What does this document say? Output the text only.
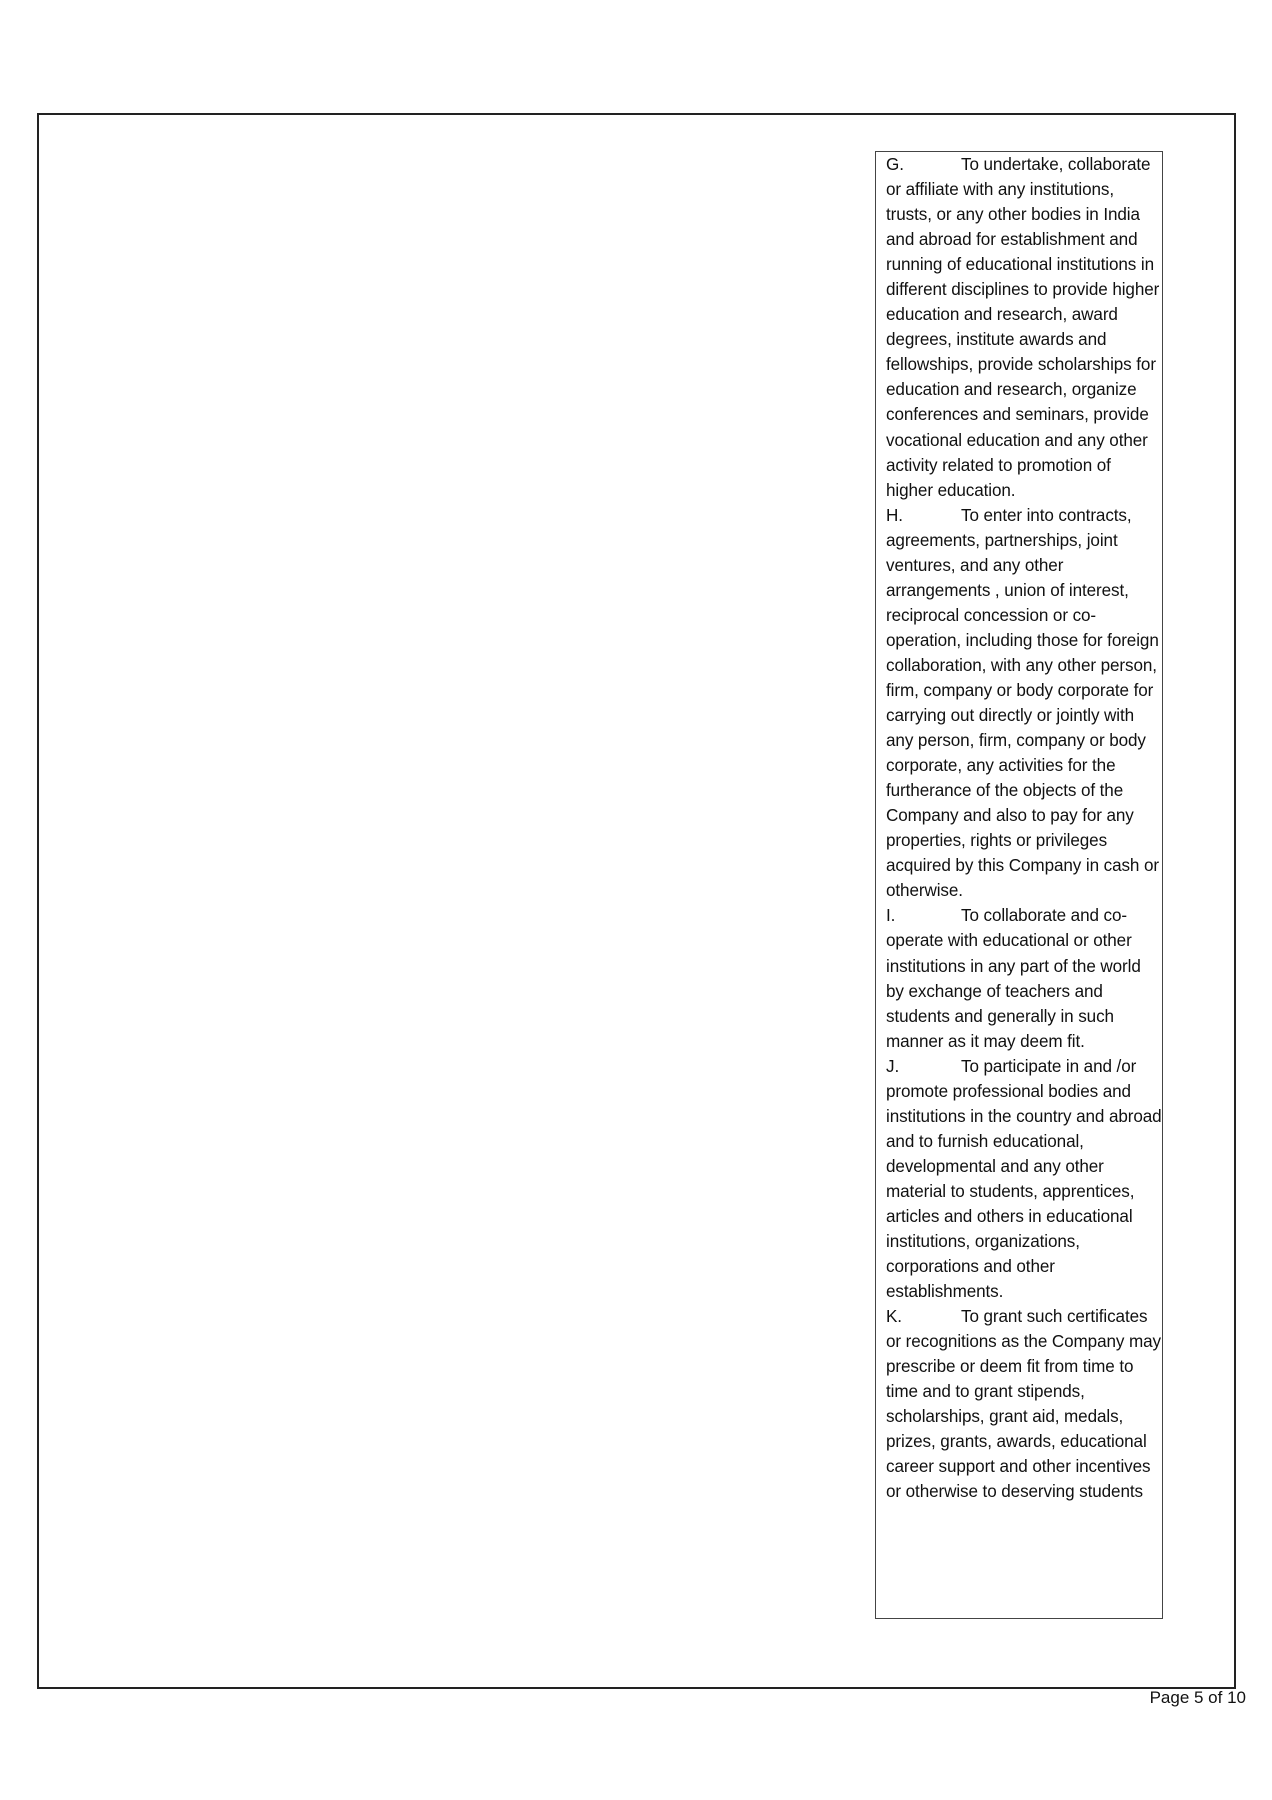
G.	To undertake, collaborate or affiliate with any institutions, trusts, or any other bodies in India and abroad for establishment and running of educational institutions in different disciplines to provide higher education and research, award degrees, institute awards and fellowships, provide scholarships for education and research, organize conferences and seminars, provide vocational education and any other activity related to promotion of higher education.

H.	To enter into contracts, agreements, partnerships, joint ventures, and any other arrangements , union of interest, reciprocal concession or co-operation, including those for foreign collaboration, with any other person, firm, company or body corporate for carrying out directly or jointly with any person, firm, company or body corporate, any activities for the furtherance of the objects of the Company and also to pay for any properties, rights or privileges acquired by this Company in cash or otherwise.

I.	To collaborate and co-operate with educational or other institutions in any part of the world by exchange of teachers and students and generally in such manner as it may deem fit.

J.	To participate in and /or promote professional bodies and institutions in the country and abroad and to furnish educational, developmental and any other material to students, apprentices, articles and others in educational institutions, organizations, corporations and other establishments.

K.	To grant such certificates or recognitions as the Company may prescribe or deem fit from time to time and to grant stipends, scholarships, grant aid, medals, prizes, grants, awards, educational career support and other incentives or otherwise to deserving students

Page 5 of 10
